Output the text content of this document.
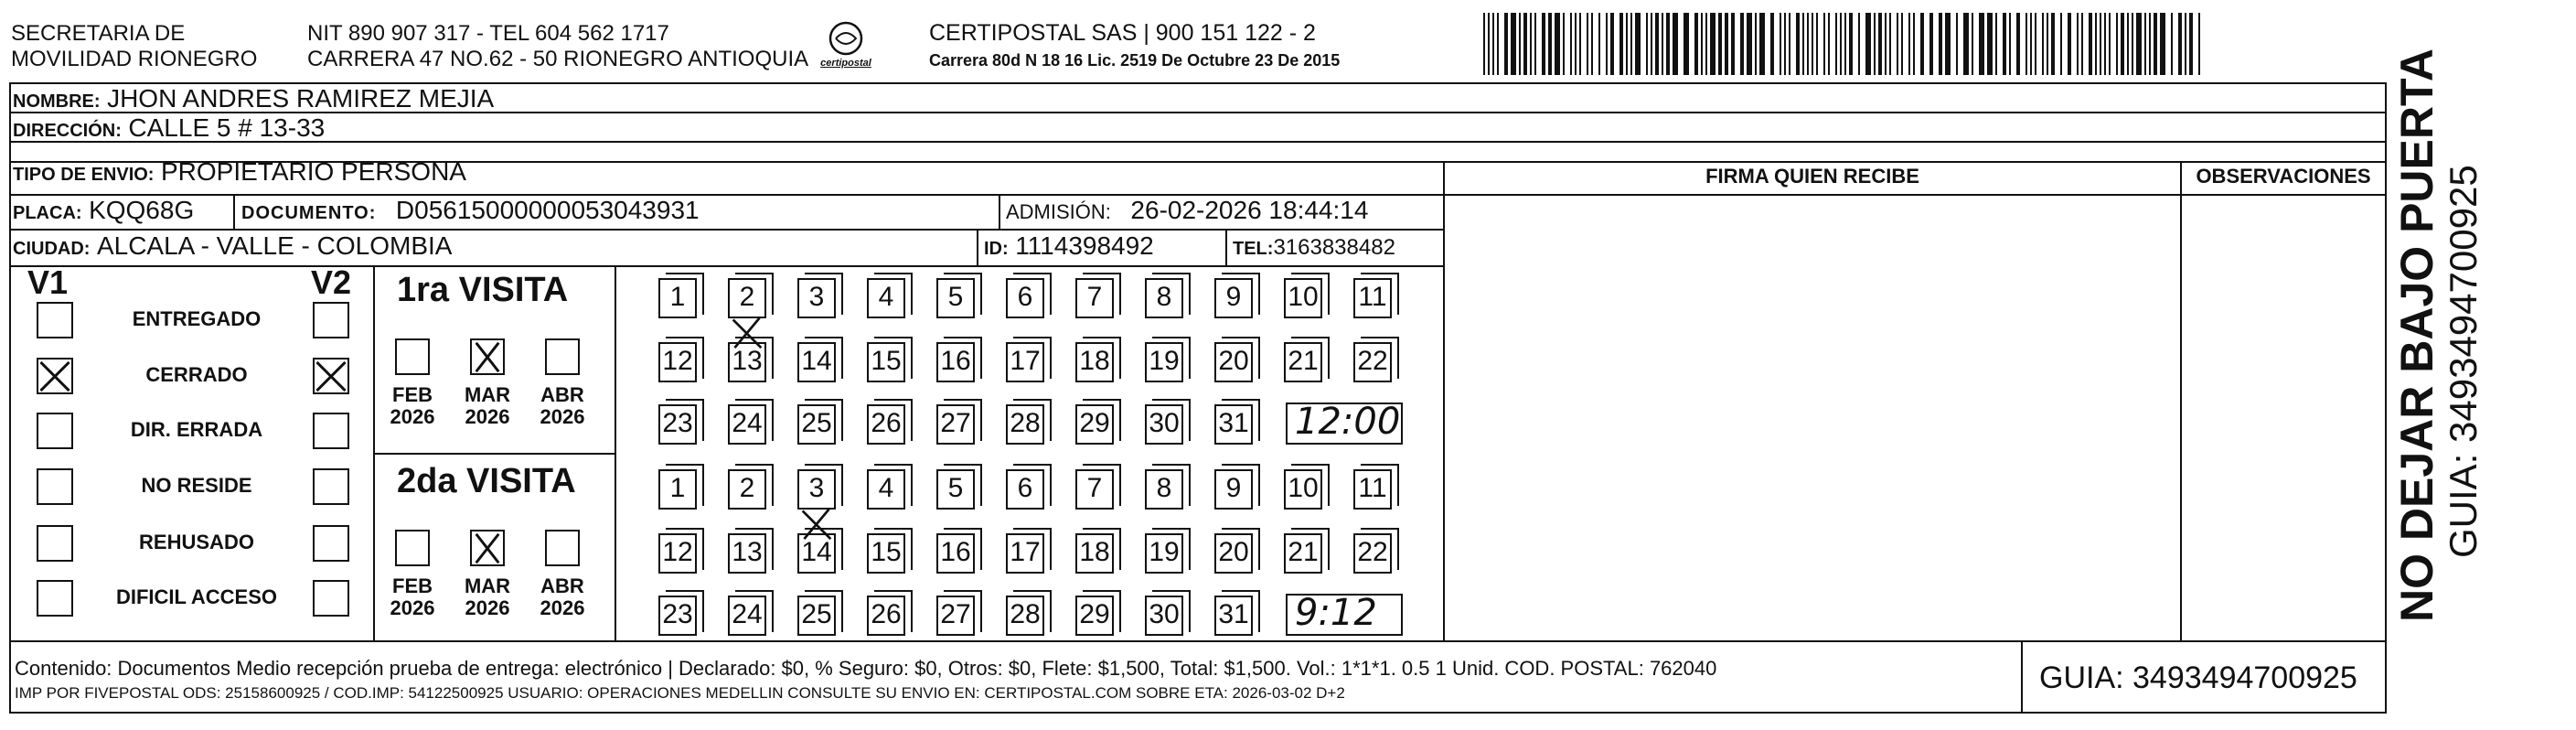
SECRETARIA DE
MOVILIDAD RIONEGRO
NIT 890 907 317 - TEL 604 562 1717
CARRERA 47 NO.62 - 50 RIONEGRO ANTIOQUIA	certipostal
CERTIPOSTAL SAS | 900 151 122 - 2
Carrera 80d N 18 16 Lic. 2519 De Octubre 23 De 2015
NOMBRE: JHON ANDRES RAMIREZ MEJIA
DIRECCIÓN: CALLE 5 # 13-33
TIPO DE ENVIO: PROPIETARIO PERSONA
PLACA: KQQ68G	DOCUMENTO: D05615000000053043931	ADMISIÓN: 26-02-2026 18:44:14
CIUDAD: ALCALA - VALLE - COLOMBIA	ID: 1114398492	TEL:3163838482
FIRMA QUIEN RECIBE	OBSERVACIONES
V1	V2
ENTREGADO
CERRADO
DIR. ERRADA
NO RESIDE
REHUSADO
DIFICIL ACCESO
1ra VISITA
FEB
2026
MAR
2026
ABR
2026
1	2	3	4	5	6	7	8	9	10 11
12 13 14 15 16 17 18 19 20 21 22
23 24 25 26 27 28 29 30 31 12:00
2da VISITA
FEB
2026
MAR
2026
ABR
2026
1	2	3	4	5	6	7	8	9	10 11
12 13 14 15 16 17 18 19 20 21 22
23 24 25 26 27 28 29 30 31 9:12
Contenido: Documentos Medio recepción prueba de entrega: electrónico | Declarado: $0, % Seguro: $0, Otros: $0, Flete: $1,500, Total: $1,500. Vol.: 1*1*1. 0.5 1 Unid. COD. POSTAL: 762040
IMP POR FIVEPOSTAL ODS: 25158600925 / COD.IMP: 54122500925 USUARIO: OPERACIONES MEDELLIN CONSULTE SU ENVIO EN: CERTIPOSTAL.COM SOBRE ETA: 2026-03-02 D+2	GUIA: 3493494700925
NO DEJAR BAJO PUERTA GUIA: 3493494700925
